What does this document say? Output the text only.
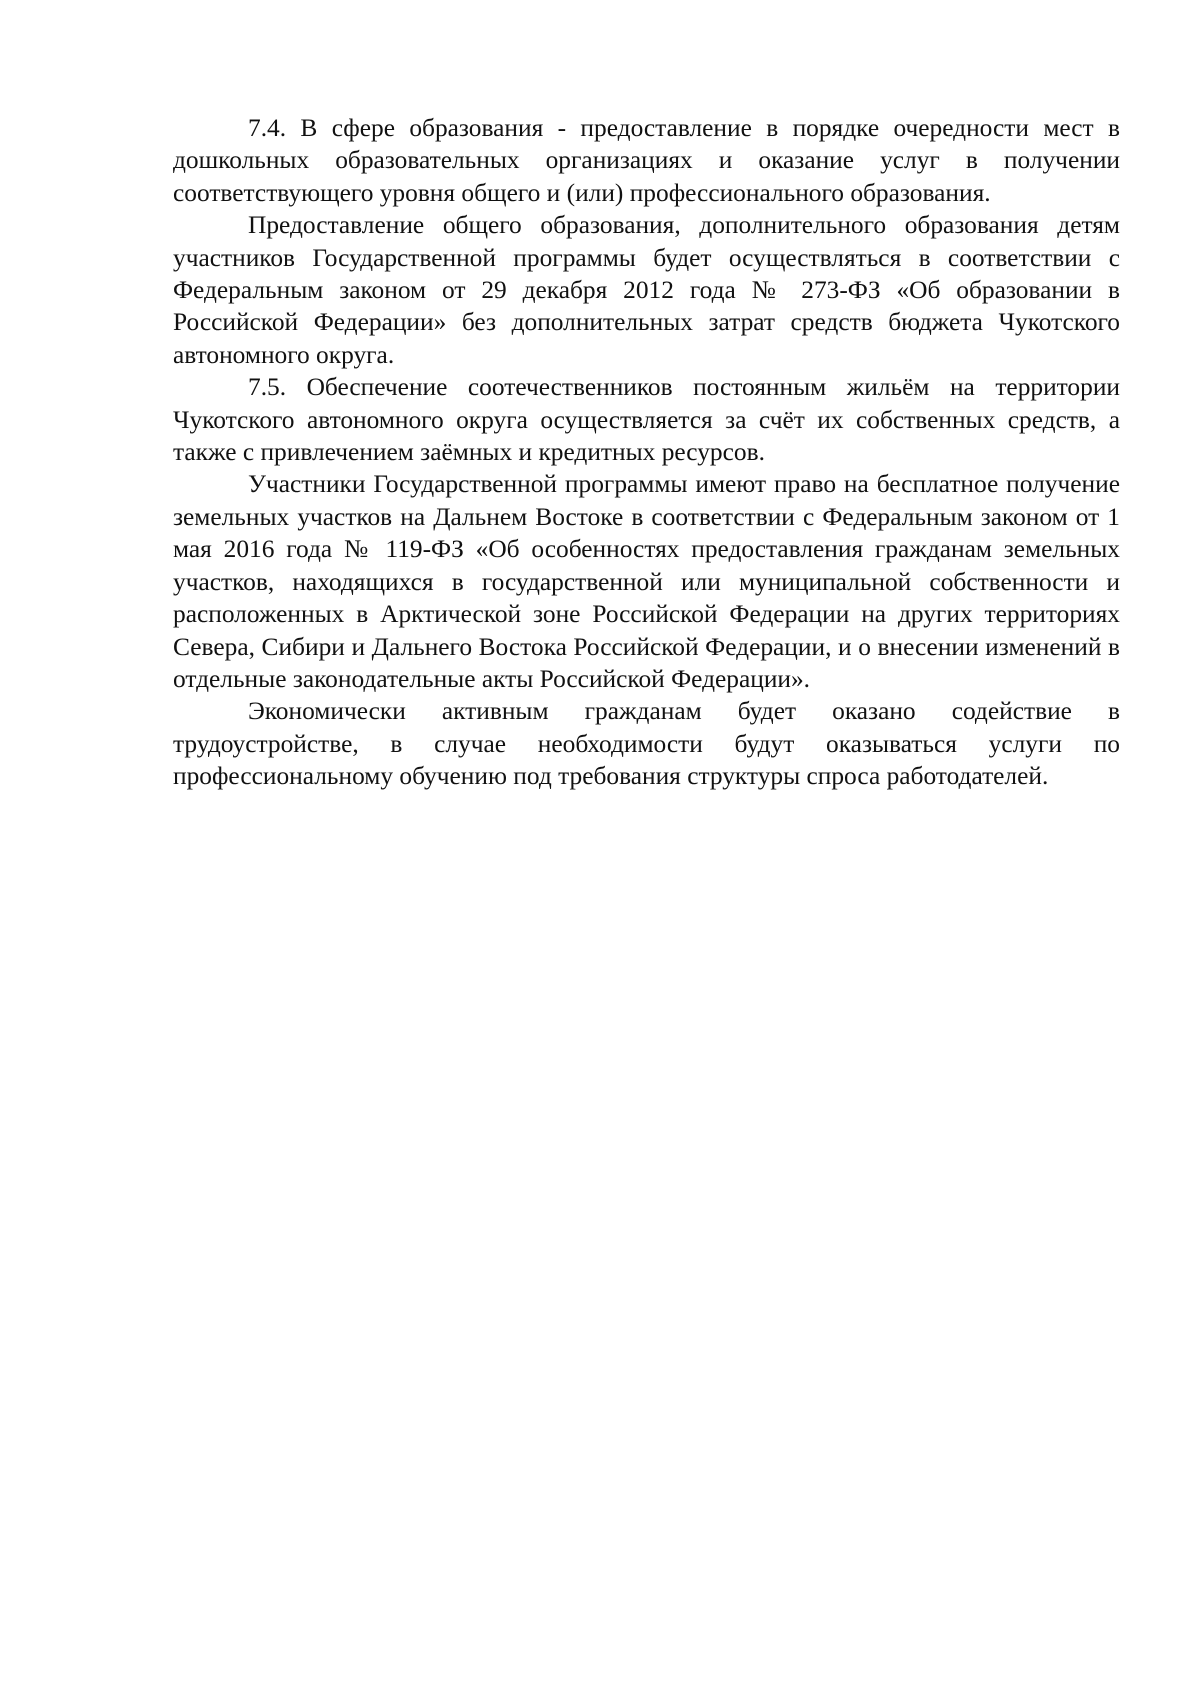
7.4. В сфере образования - предоставление в порядке очередности мест в дошкольных образовательных организациях и оказание услуг в получении соответствующего уровня общего и (или) профессионального образования.

Предоставление общего образования, дополнительного образования детям участников Государственной программы будет осуществляться в соответствии с Федеральным законом от 29 декабря 2012 года № 273-ФЗ «Об образовании в Российской Федерации» без дополнительных затрат средств бюджета Чукотского автономного округа.

7.5. Обеспечение соотечественников постоянным жильём на территории Чукотского автономного округа осуществляется за счёт их собственных средств, а также с привлечением заёмных и кредитных ресурсов.

Участники Государственной программы имеют право на бесплатное получение земельных участков на Дальнем Востоке в соответствии с Федеральным законом от 1 мая 2016 года № 119-ФЗ «Об особенностях предоставления гражданам земельных участков, находящихся в государственной или муниципальной собственности и расположенных в Арктической зоне Российской Федерации на других территориях Севера, Сибири и Дальнего Востока Российской Федерации, и о внесении изменений в отдельные законодательные акты Российской Федерации».

Экономически активным гражданам будет оказано содействие в трудоустройстве, в случае необходимости будут оказываться услуги по профессиональному обучению под требования структуры спроса работодателей.
